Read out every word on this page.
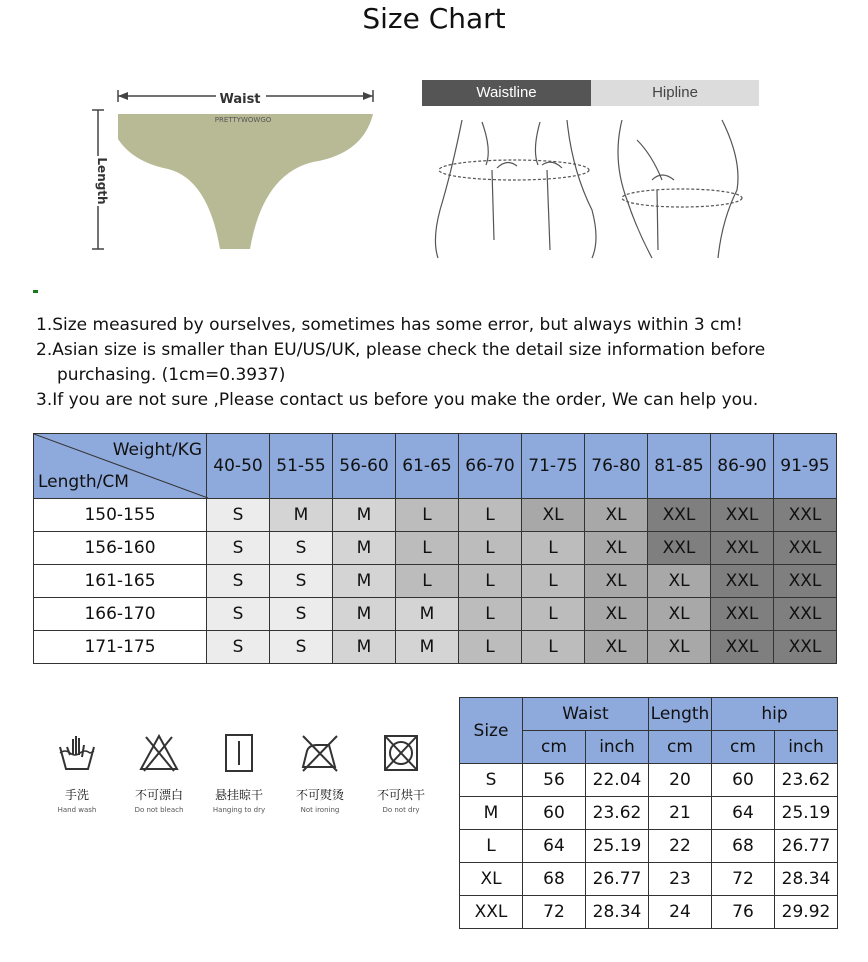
Size Chart
Waist
PRETTYWOWGO
Length
Waistline	Hipline
1.Size measured by ourselves, sometimes has some error, but always within 3 cm!
2.Asian size is smaller than EU/US/UK, please check the detail size information before
purchasing. (1cm=0.3937)
3.If you are not sure ,Please contact us before you make the order, We can help you.
Weight/KG
Length/CM	40-50	51-55	56-60	61-65	66-70	71-75	76-80	81-85	86-90	91-95
150-155	S	M	M	L	L	XL	XL	XXL	XXL	XXL
156-160	S	S	M	L	L	L	XL	XXL	XXL	XXL
161-165	S	S	M	L	L	L	XL	XL	XXL	XXL
166-170	S	S	M	M	L	L	XL	XL	XXL	XXL
171-175	S	S	M	M	L	L	XL	XL	XXL	XXL
手洗
Hand wash
不可漂白
Do not bleach
悬挂晾干
Hanging to dry
不可熨烫
Not ironing
不可烘干
Do not dry
Size	Waist		Length	hip	
	cm	inch	cm	cm	inch
S	56	22.04	20	60	23.62
M	60	23.62	21	64	25.19
L	64	25.19	22	68	26.77
XL	68	26.77	23	72	28.34
XXL	72	28.34	24	76	29.92
